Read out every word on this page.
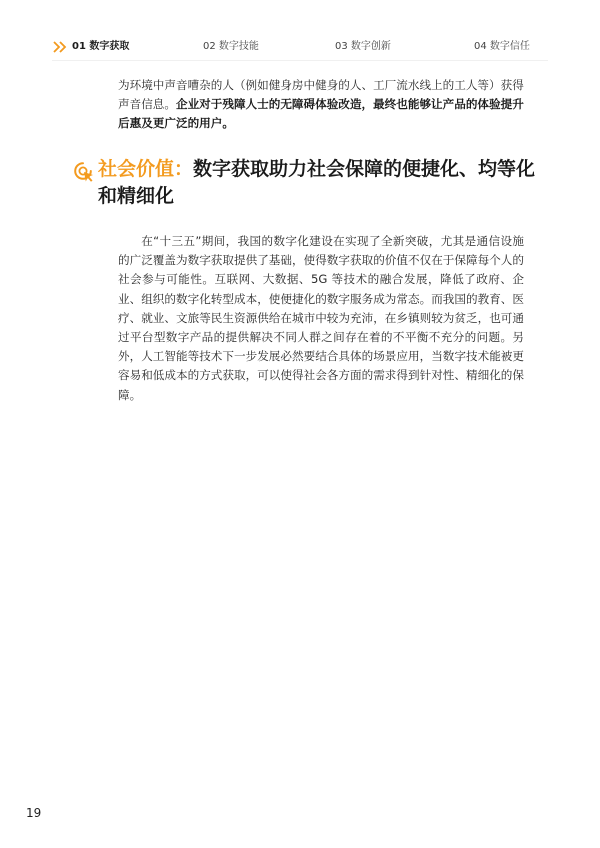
01 数字获取	02 数字技能	03 数字创新	04 数字信任
为环境中声音嘈杂的人（例如健身房中健身的人、工厂流水线上的工人等）获得声音信息。企业对于残障人士的无障碍体验改造，最终也能够让产品的体验提升后惠及更广泛的用户。
社会价值：数字获取助力社会保障的便捷化、均等化和精细化
在“十三五”期间，我国的数字化建设在实现了全新突破，尤其是通信设施的广泛覆盖为数字获取提供了基础，使得数字获取的价值不仅在于保障每个人的社会参与可能性。互联网、大数据、5G 等技术的融合发展，降低了政府、企业、组织的数字化转型成本，使便捷化的数字服务成为常态。而我国的教育、医疗、就业、文旅等民生资源供给在城市中较为充沛，在乡镇则较为贫乏，也可通过平台型数字产品的提供解决不同人群之间存在着的不平衡不充分的问题。另外，人工智能等技术下一步发展必然要结合具体的场景应用，当数字技术能被更容易和低成本的方式获取，可以使得社会各方面的需求得到针对性、精细化的保障。
19
